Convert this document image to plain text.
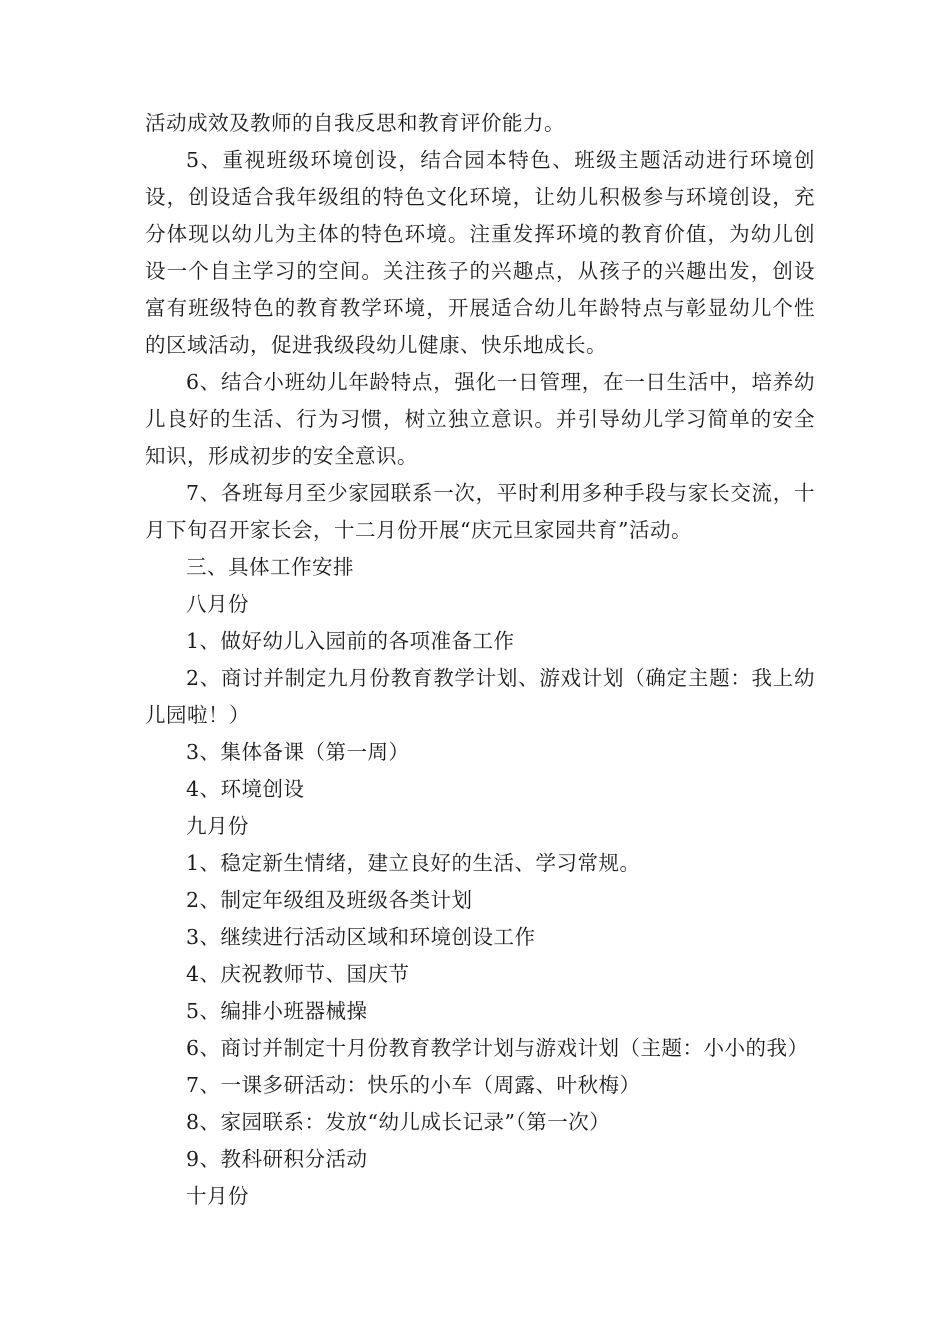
活动成效及教师的自我反思和教育评价能力。

5、重视班级环境创设，结合园本特色、班级主题活动进行环境创设，创设适合我年级组的特色文化环境，让幼儿积极参与环境创设，充分体现以幼儿为主体的特色环境。注重发挥环境的教育价值，为幼儿创设一个自主学习的空间。关注孩子的兴趣点，从孩子的兴趣出发，创设富有班级特色的教育教学环境，开展适合幼儿年龄特点与彰显幼儿个性的区域活动，促进我级段幼儿健康、快乐地成长。

6、结合小班幼儿年龄特点，强化一日管理，在一日生活中，培养幼儿良好的生活、行为习惯，树立独立意识。并引导幼儿学习简单的安全知识，形成初步的安全意识。

7、各班每月至少家园联系一次，平时利用多种手段与家长交流，十月下旬召开家长会，十二月份开展“庆元旦家园共育”活动。

三、具体工作安排

八月份

1、做好幼儿入园前的各项准备工作

2、商讨并制定九月份教育教学计划、游戏计划（确定主题：我上幼儿园啦！）

3、集体备课（第一周）

4、环境创设

九月份

1、稳定新生情绪，建立良好的生活、学习常规。

2、制定年级组及班级各类计划

3、继续进行活动区域和环境创设工作

4、庆祝教师节、国庆节

5、编排小班器械操

6、商讨并制定十月份教育教学计划与游戏计划（主题：小小的我）

7、一课多研活动：快乐的小车（周露、叶秋梅）

8、家园联系：发放“幼儿成长记录”（第一次）

9、教科研积分活动

十月份
